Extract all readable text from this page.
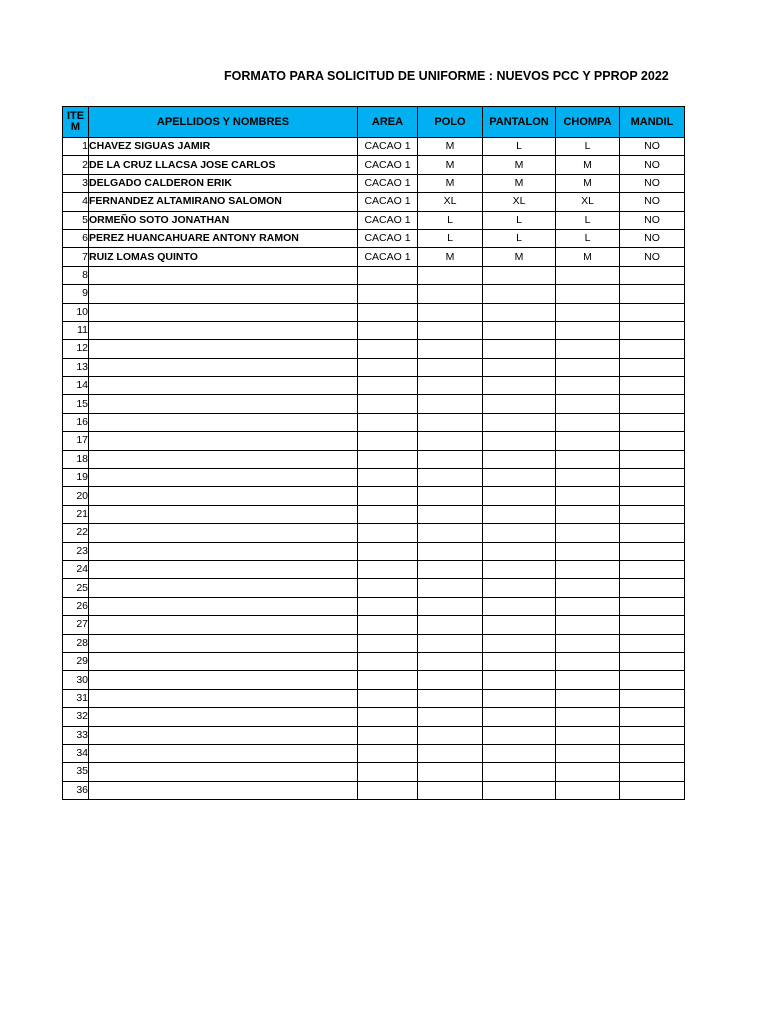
FORMATO PARA SOLICITUD DE UNIFORME : NUEVOS PCC Y PPROP 2022
ITE
M	APELLIDOS Y NOMBRES	AREA	POLO	PANTALON	CHOMPA	MANDIL
1	CHAVEZ SIGUAS JAMIR	CACAO 1	M	L	L	NO
2	DE LA CRUZ LLACSA JOSE CARLOS	CACAO 1	M	M	M	NO
3	DELGADO CALDERON ERIK	CACAO 1	M	M	M	NO
4	FERNANDEZ ALTAMIRANO SALOMON	CACAO 1	XL	XL	XL	NO
5	ORMEÑO SOTO JONATHAN	CACAO 1	L	L	L	NO
6	PEREZ HUANCAHUARE ANTONY RAMON	CACAO 1	L	L	L	NO
7	RUIZ LOMAS QUINTO	CACAO 1	M	M	M	NO
8						
9						
10						
11						
12						
13						
14						
15						
16						
17						
18						
19						
20						
21						
22						
23						
24						
25						
26						
27						
28						
29						
30						
31						
32						
33						
34						
35						
36						
